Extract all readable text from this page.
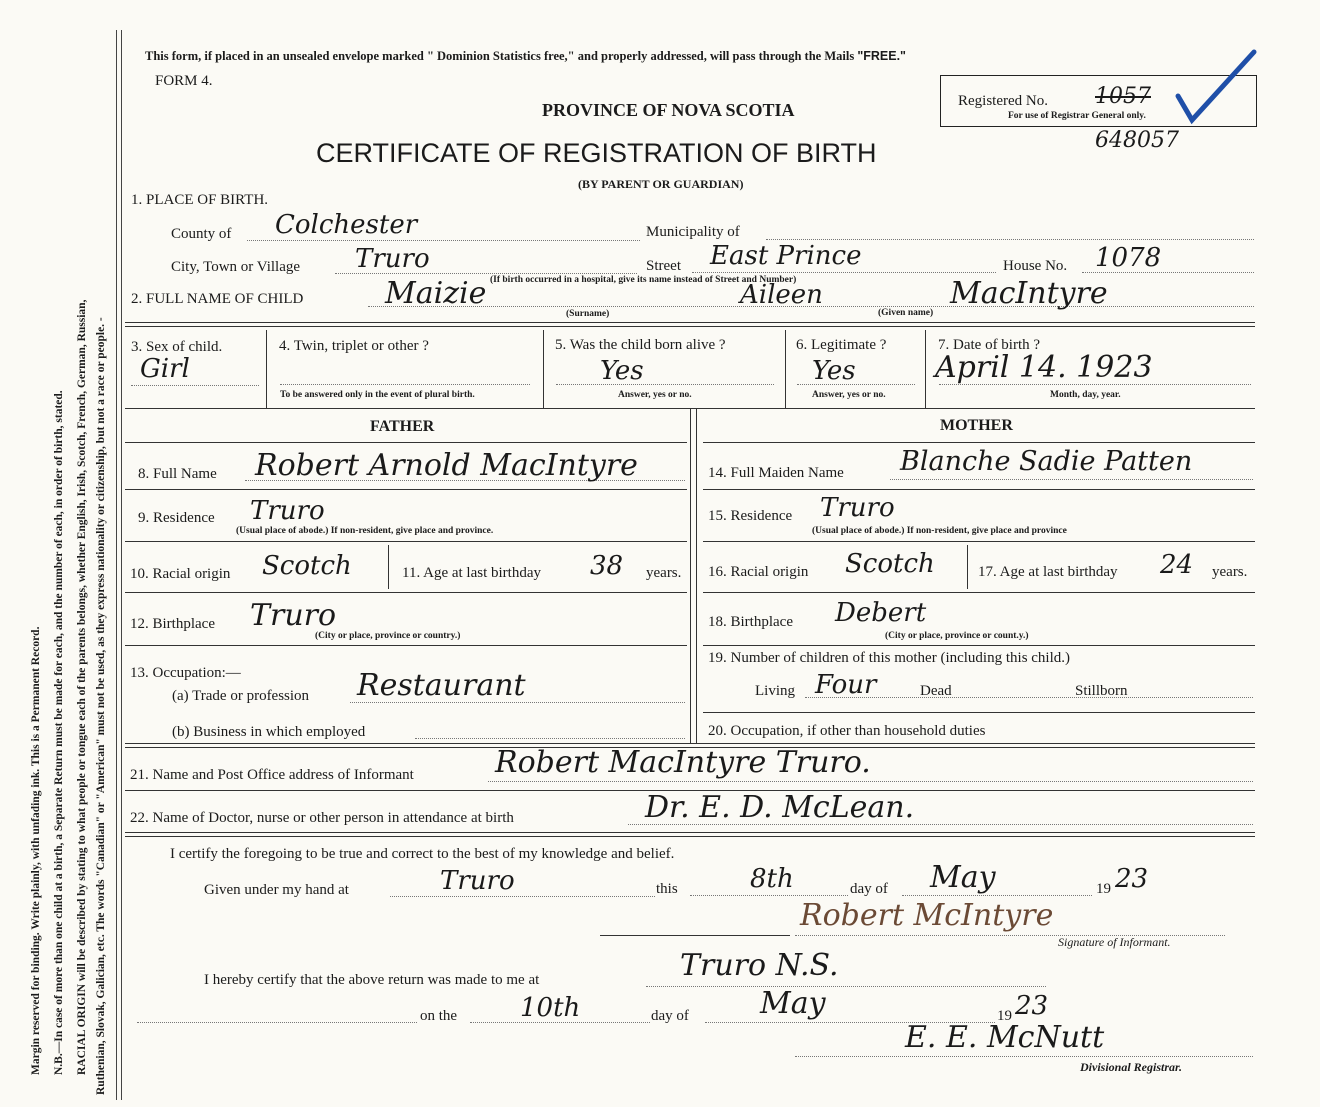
Margin reserved for binding. Write plainly, with unfading ink. This is a Permanent Record. N.B.—In case of more than one child at a birth, a Separate Return must be made for each, and the number of each, in order of birth, stated. RACIAL ORIGIN will be described by stating to what people or tongue each of the parents belongs, whether English, Irish, Scotch, French, German, Russian, Ruthenian, Slovak, Galician, etc. The words "Canadian" or "American" must not be used, as they express nationality or citizenship, but not a race or people. -
This form, if placed in an unsealed envelope marked " Dominion Statistics free," and properly addressed, will pass through the Mails "FREE."
FORM 4.
PROVINCE OF NOVA SCOTIA
CERTIFICATE OF REGISTRATION OF BIRTH
(BY PARENT OR GUARDIAN)
Registered No. 1057
For use of Registrar General only.
648057
1. PLACE OF BIRTH.
County of Colchester	Municipality of
City, Town or Village Truro	Street East Prince	House No. 1078
(If birth occurred in a hospital, give its name instead of Street and Number)
2. FULL NAME OF CHILD	Maizie	Aileen	MacIntyre
(Surname)	(Given name)
3. Sex of child.
Girl
4. Twin, triplet or other ?
To be answered only in the event of plural birth.
5. Was the child born alive ?
Yes
Answer, yes or no.
6. Legitimate ?
Yes
Answer, yes or no.
7. Date of birth ?
April 14. 1923
Month, day, year.
FATHER	MOTHER
8. Full Name Robert Arnold MacIntyre
9. Residence Truro
(Usual place of abode.) If non-resident, give place and province.
10. Racial origin Scotch	11. Age at last birthday 38 years.
12. Birthplace Truro
(City or place, province or country.)
13. Occupation:—
(a) Trade or profession Restaurant
(b) Business in which employed
14. Full Maiden Name Blanche Sadie Patten
15. Residence Truro
(Usual place of abode.) If non-resident, give place and province
16. Racial origin Scotch	17. Age at last birthday 24 years.
18. Birthplace Debert
(City or place, province or count.y.)
19. Number of children of this mother (including this child.)
Living Four	Dead	Stillborn
20. Occupation, if other than household duties
21. Name and Post Office address of Informant	Robert MacIntyre Truro.
22. Name of Doctor, nurse or other person in attendance at birth	Dr. E. D. McLean.
I certify the foregoing to be true and correct to the best of my knowledge and belief.
Given under my hand at	Truro	this	8th	day of May	19 23
Robert McIntyre
Signature of Informant.
I hereby certify that the above return was made to me at	Truro N.S.
on the 10th	day of May	19 23
E. E. McNutt
Divisional Registrar.
